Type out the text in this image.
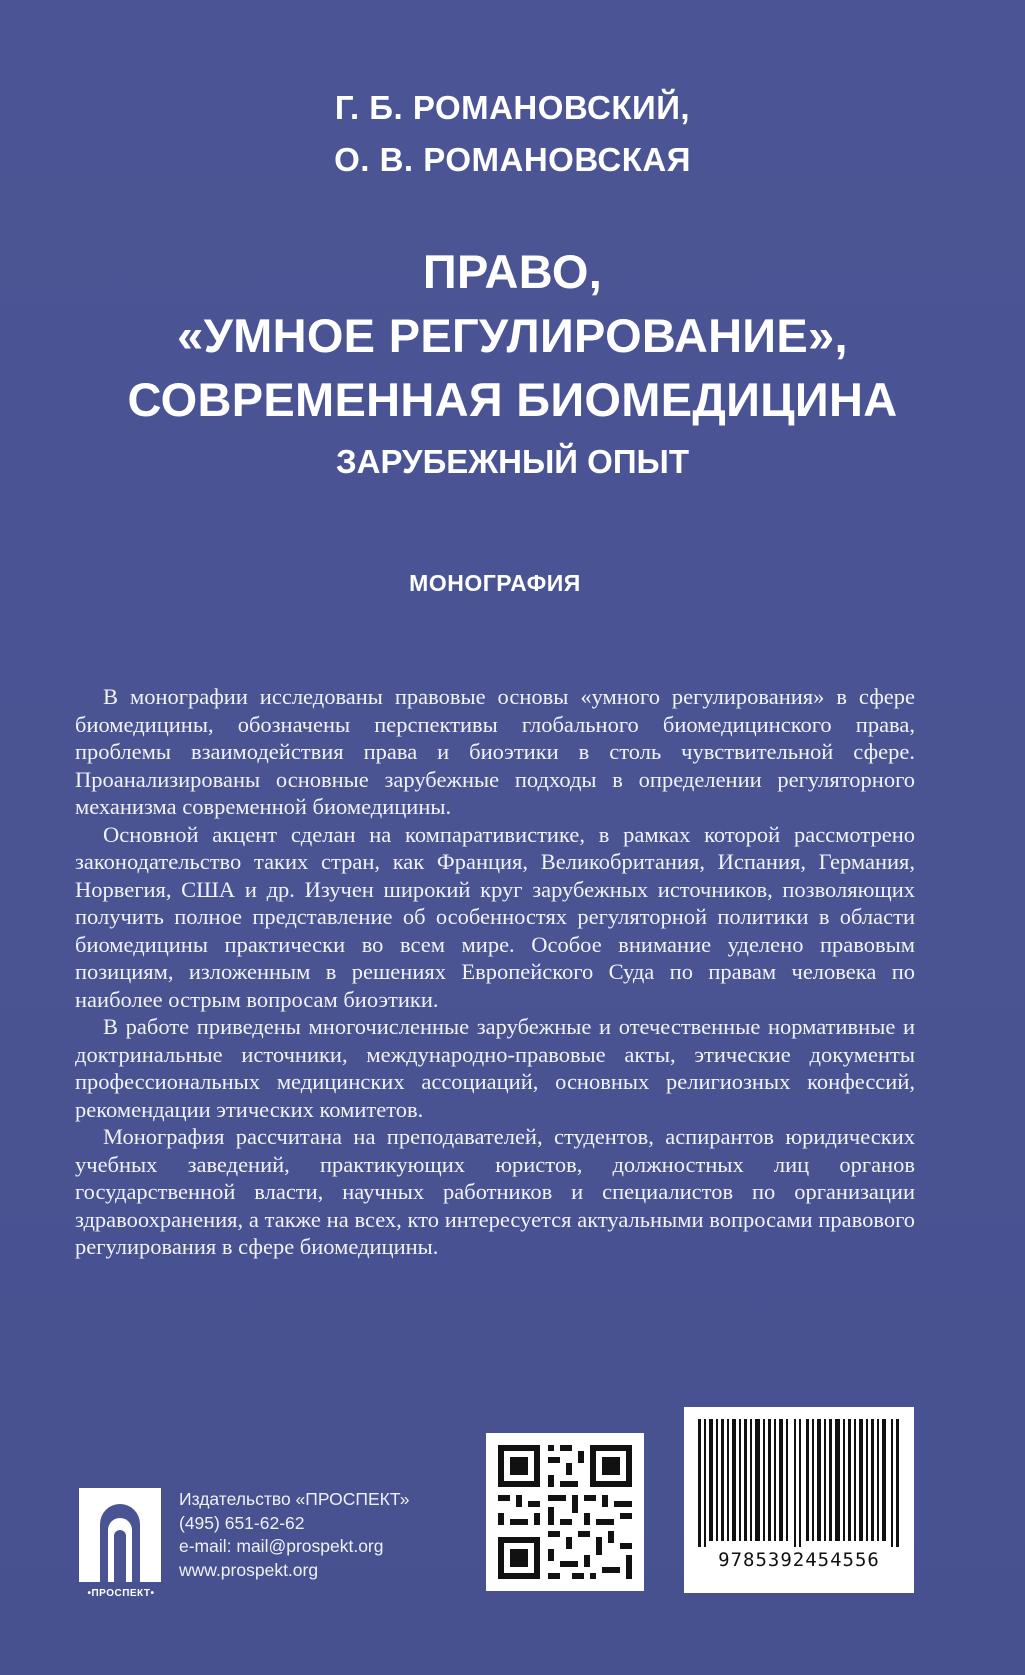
Г. Б. РОМАНОВСКИЙ,
О. В. РОМАНОВСКАЯ
ПРАВО,
«УМНОЕ РЕГУЛИРОВАНИЕ»,
СОВРЕМЕННАЯ БИОМЕДИЦИНА
ЗАРУБЕЖНЫЙ ОПЫТ
МОНОГРАФИЯ

В монографии исследованы правовые основы «умного регулирования» в сфере биомедицины, обозначены перспективы глобального биомедицинского права, проблемы взаимодействия права и биоэтики в столь чувствительной сфере. Проанализированы основные зарубежные подходы в определении регуляторного механизма современной биомедицины.

Основной акцент сделан на компаративистике, в рамках которой рассмотрено законодательство таких стран, как Франция, Великобритания, Испания, Германия, Норвегия, США и др. Изучен широкий круг зарубежных источников, позволяющих получить полное представление об особенностях регуляторной политики в области биомедицины практически во всем мире. Особое внимание уделено правовым позициям, изложенным в решениях Европейского Суда по правам человека по наиболее острым вопросам биоэтики.

В работе приведены многочисленные зарубежные и отечественные нормативные и доктринальные источники, международно-правовые акты, этические документы профессиональных медицинских ассоциаций, основных религиозных конфессий, рекомендации этических комитетов.

Монография рассчитана на преподавателей, студентов, аспирантов юридических учебных заведений, практикующих юристов, должностных лиц органов государственной власти, научных работников и специалистов по организации здравоохранения, а также на всех, кто интересуется актуальными вопросами правового регулирования в сфере биомедицины.

•ПРОСПЕКТ•
Издательство «ПРОСПЕКТ»
(495) 651-62-62
e-mail: mail@prospekt.org
www.prospekt.org	9785392454556
